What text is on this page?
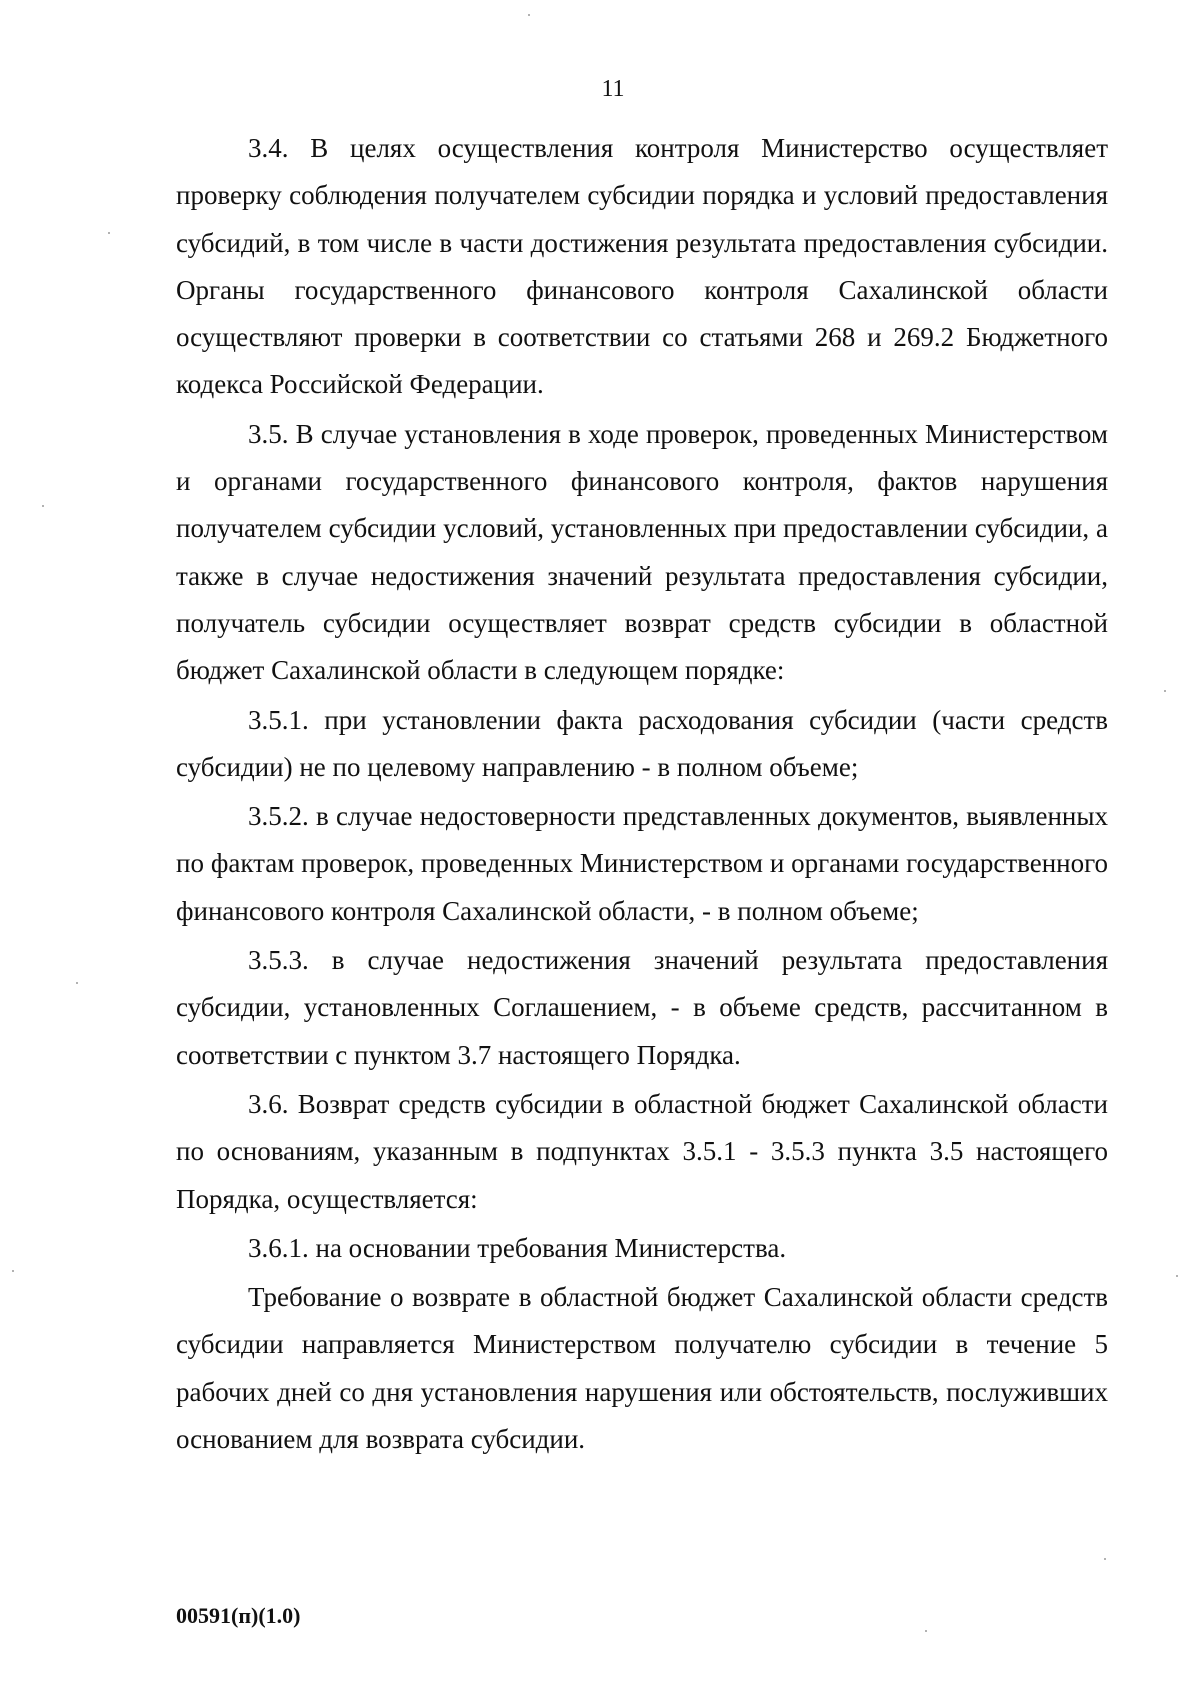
11

3.4. В целях осуществления контроля Министерство осуществляет проверку соблюдения получателем субсидии порядка и условий предоставления субсидий, в том числе в части достижения результата предоставления субсидии. Органы государственного финансового контроля Сахалинской области осуществляют проверки в соответствии со статьями 268 и 269.2 Бюджетного кодекса Российской Федерации.

3.5. В случае установления в ходе проверок, проведенных Министерством и органами государственного финансового контроля, фактов нарушения получателем субсидии условий, установленных при предоставлении субсидии, а также в случае недостижения значений результата предоставления субсидии, получатель субсидии осуществляет возврат средств субсидии в областной бюджет Сахалинской области в следующем порядке:

3.5.1. при установлении факта расходования субсидии (части средств субсидии) не по целевому направлению - в полном объеме;

3.5.2. в случае недостоверности представленных документов, выявленных по фактам проверок, проведенных Министерством и органами государственного финансового контроля Сахалинской области, - в полном объеме;

3.5.3. в случае недостижения значений результата предоставления субсидии, установленных Соглашением, - в объеме средств, рассчитанном в соответствии с пунктом 3.7 настоящего Порядка.

3.6. Возврат средств субсидии в областной бюджет Сахалинской области по основаниям, указанным в подпунктах 3.5.1 - 3.5.3 пункта 3.5 настоящего Порядка, осуществляется:

3.6.1. на основании требования Министерства.

Требование о возврате в областной бюджет Сахалинской области средств субсидии направляется Министерством получателю субсидии в течение 5 рабочих дней со дня установления нарушения или обстоятельств, послуживших основанием для возврата субсидии.

00591(п)(1.0)
